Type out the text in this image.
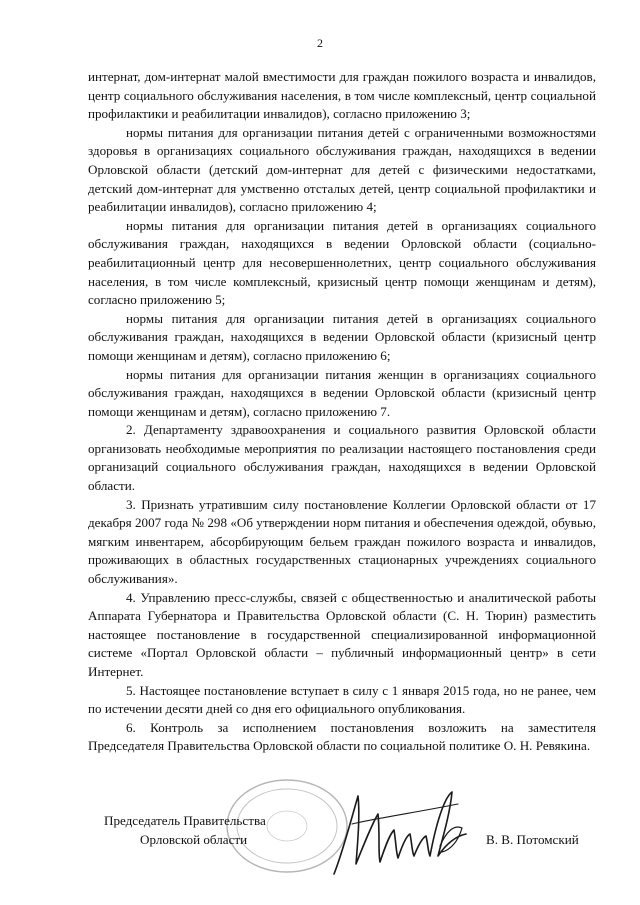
2

интернат, дом-интернат малой вместимости для граждан пожилого возраста и инвалидов, центр социального обслуживания населения, в том числе комплексный, центр социальной профилактики и реабилитации инвалидов), согласно приложению 3;

нормы питания для организации питания детей с ограниченными возможностями здоровья в организациях социального обслуживания граждан, находящихся в ведении Орловской области (детский дом-интернат для детей с физическими недостатками, детский дом-интернат для умственно отсталых детей, центр социальной профилактики и реабилитации инвалидов), согласно приложению 4;

нормы питания для организации питания детей в организациях социального обслуживания граждан, находящихся в ведении Орловской области (социально-реабилитационный центр для несовершеннолетних, центр социального обслуживания населения, в том числе комплексный, кризисный центр помощи женщинам и детям), согласно приложению 5;

нормы питания для организации питания детей в организациях социального обслуживания граждан, находящихся в ведении Орловской области (кризисный центр помощи женщинам и детям), согласно приложению 6;

нормы питания для организации питания женщин в организациях социального обслуживания граждан, находящихся в ведении Орловской области (кризисный центр помощи женщинам и детям), согласно приложению 7.

2. Департаменту здравоохранения и социального развития Орловской области организовать необходимые мероприятия по реализации настоящего постановления среди организаций социального обслуживания граждан, находящихся в ведении Орловской области.

3. Признать утратившим силу постановление Коллегии Орловской области от 17 декабря 2007 года № 298 «Об утверждении норм питания и обеспечения одеждой, обувью, мягким инвентарем, абсорбирующим бельем граждан пожилого возраста и инвалидов, проживающих в областных государственных стационарных учреждениях социального обслуживания».

4. Управлению пресс-службы, связей с общественностью и аналитической работы Аппарата Губернатора и Правительства Орловской области (С. Н. Тюрин) разместить настоящее постановление в государственной специализированной информационной системе «Портал Орловской области – публичный информационный центр» в сети Интернет.

5. Настоящее постановление вступает в силу с 1 января 2015 года, но не ранее, чем по истечении десяти дней со дня его официального опубликования.

6. Контроль за исполнением постановления возложить на заместителя Председателя Правительства Орловской области по социальной политике О. Н. Ревякина.

Председатель Правительства
Орловской области	В. В. Потомский
